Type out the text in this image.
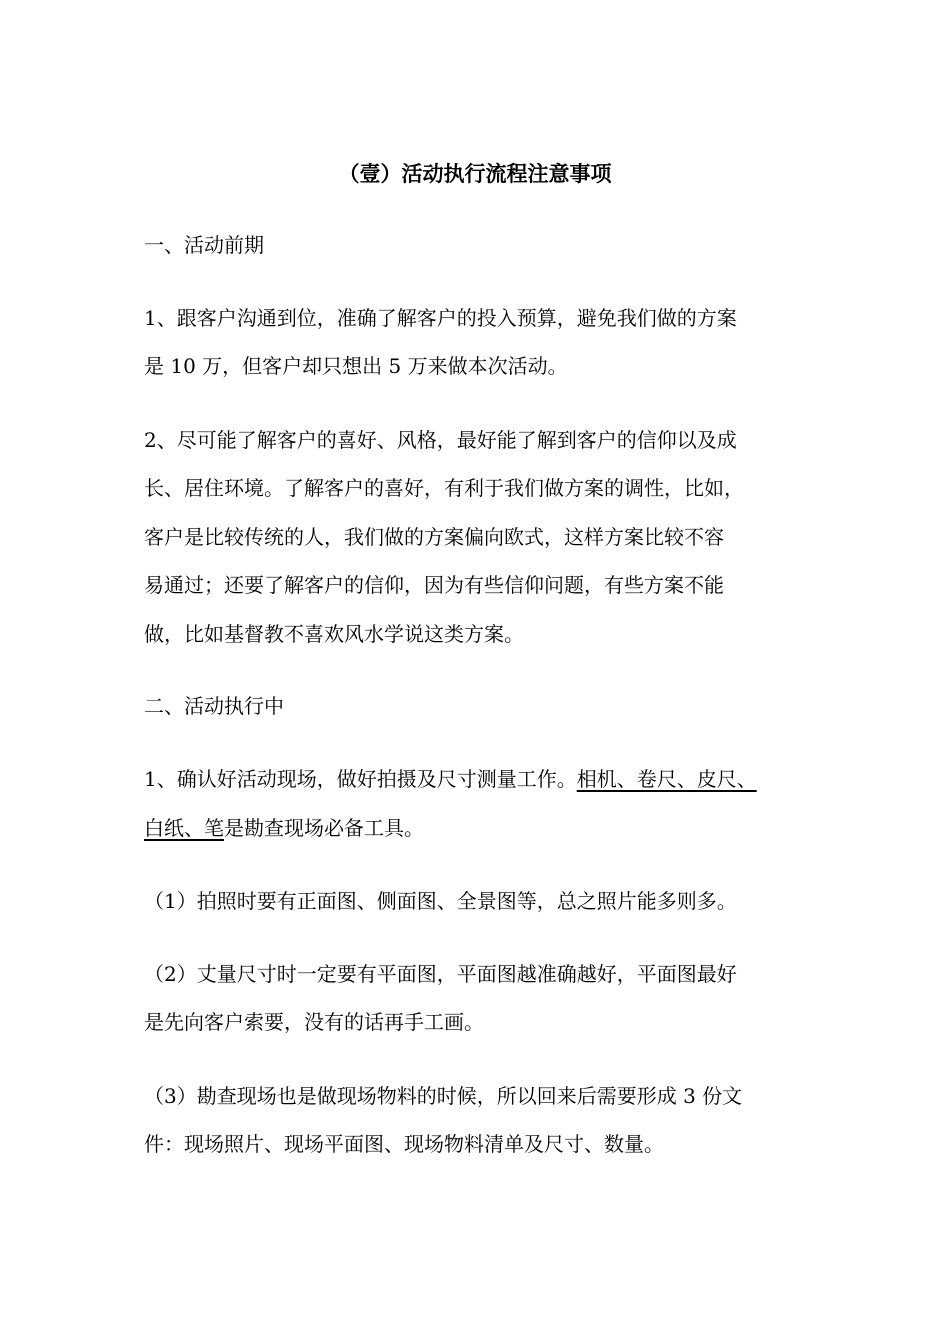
（壹）活动执行流程注意事项
一、活动前期
1、跟客户沟通到位，准确了解客户的投入预算，避免我们做的方案
是 10 万，但客户却只想出 5 万来做本次活动。
2、尽可能了解客户的喜好、风格，最好能了解到客户的信仰以及成
长、居住环境。了解客户的喜好，有利于我们做方案的调性，比如，
客户是比较传统的人，我们做的方案偏向欧式，这样方案比较不容
易通过；还要了解客户的信仰，因为有些信仰问题，有些方案不能
做，比如基督教不喜欢风水学说这类方案。
二、活动执行中
1、确认好活动现场，做好拍摄及尺寸测量工作。相机、卷尺、皮尺、
白纸、笔是勘查现场必备工具。
（1）拍照时要有正面图、侧面图、全景图等，总之照片能多则多。
（2）丈量尺寸时一定要有平面图，平面图越准确越好，平面图最好
是先向客户索要，没有的话再手工画。
（3）勘查现场也是做现场物料的时候，所以回来后需要形成 3 份文
件：现场照片、现场平面图、现场物料清单及尺寸、数量。
